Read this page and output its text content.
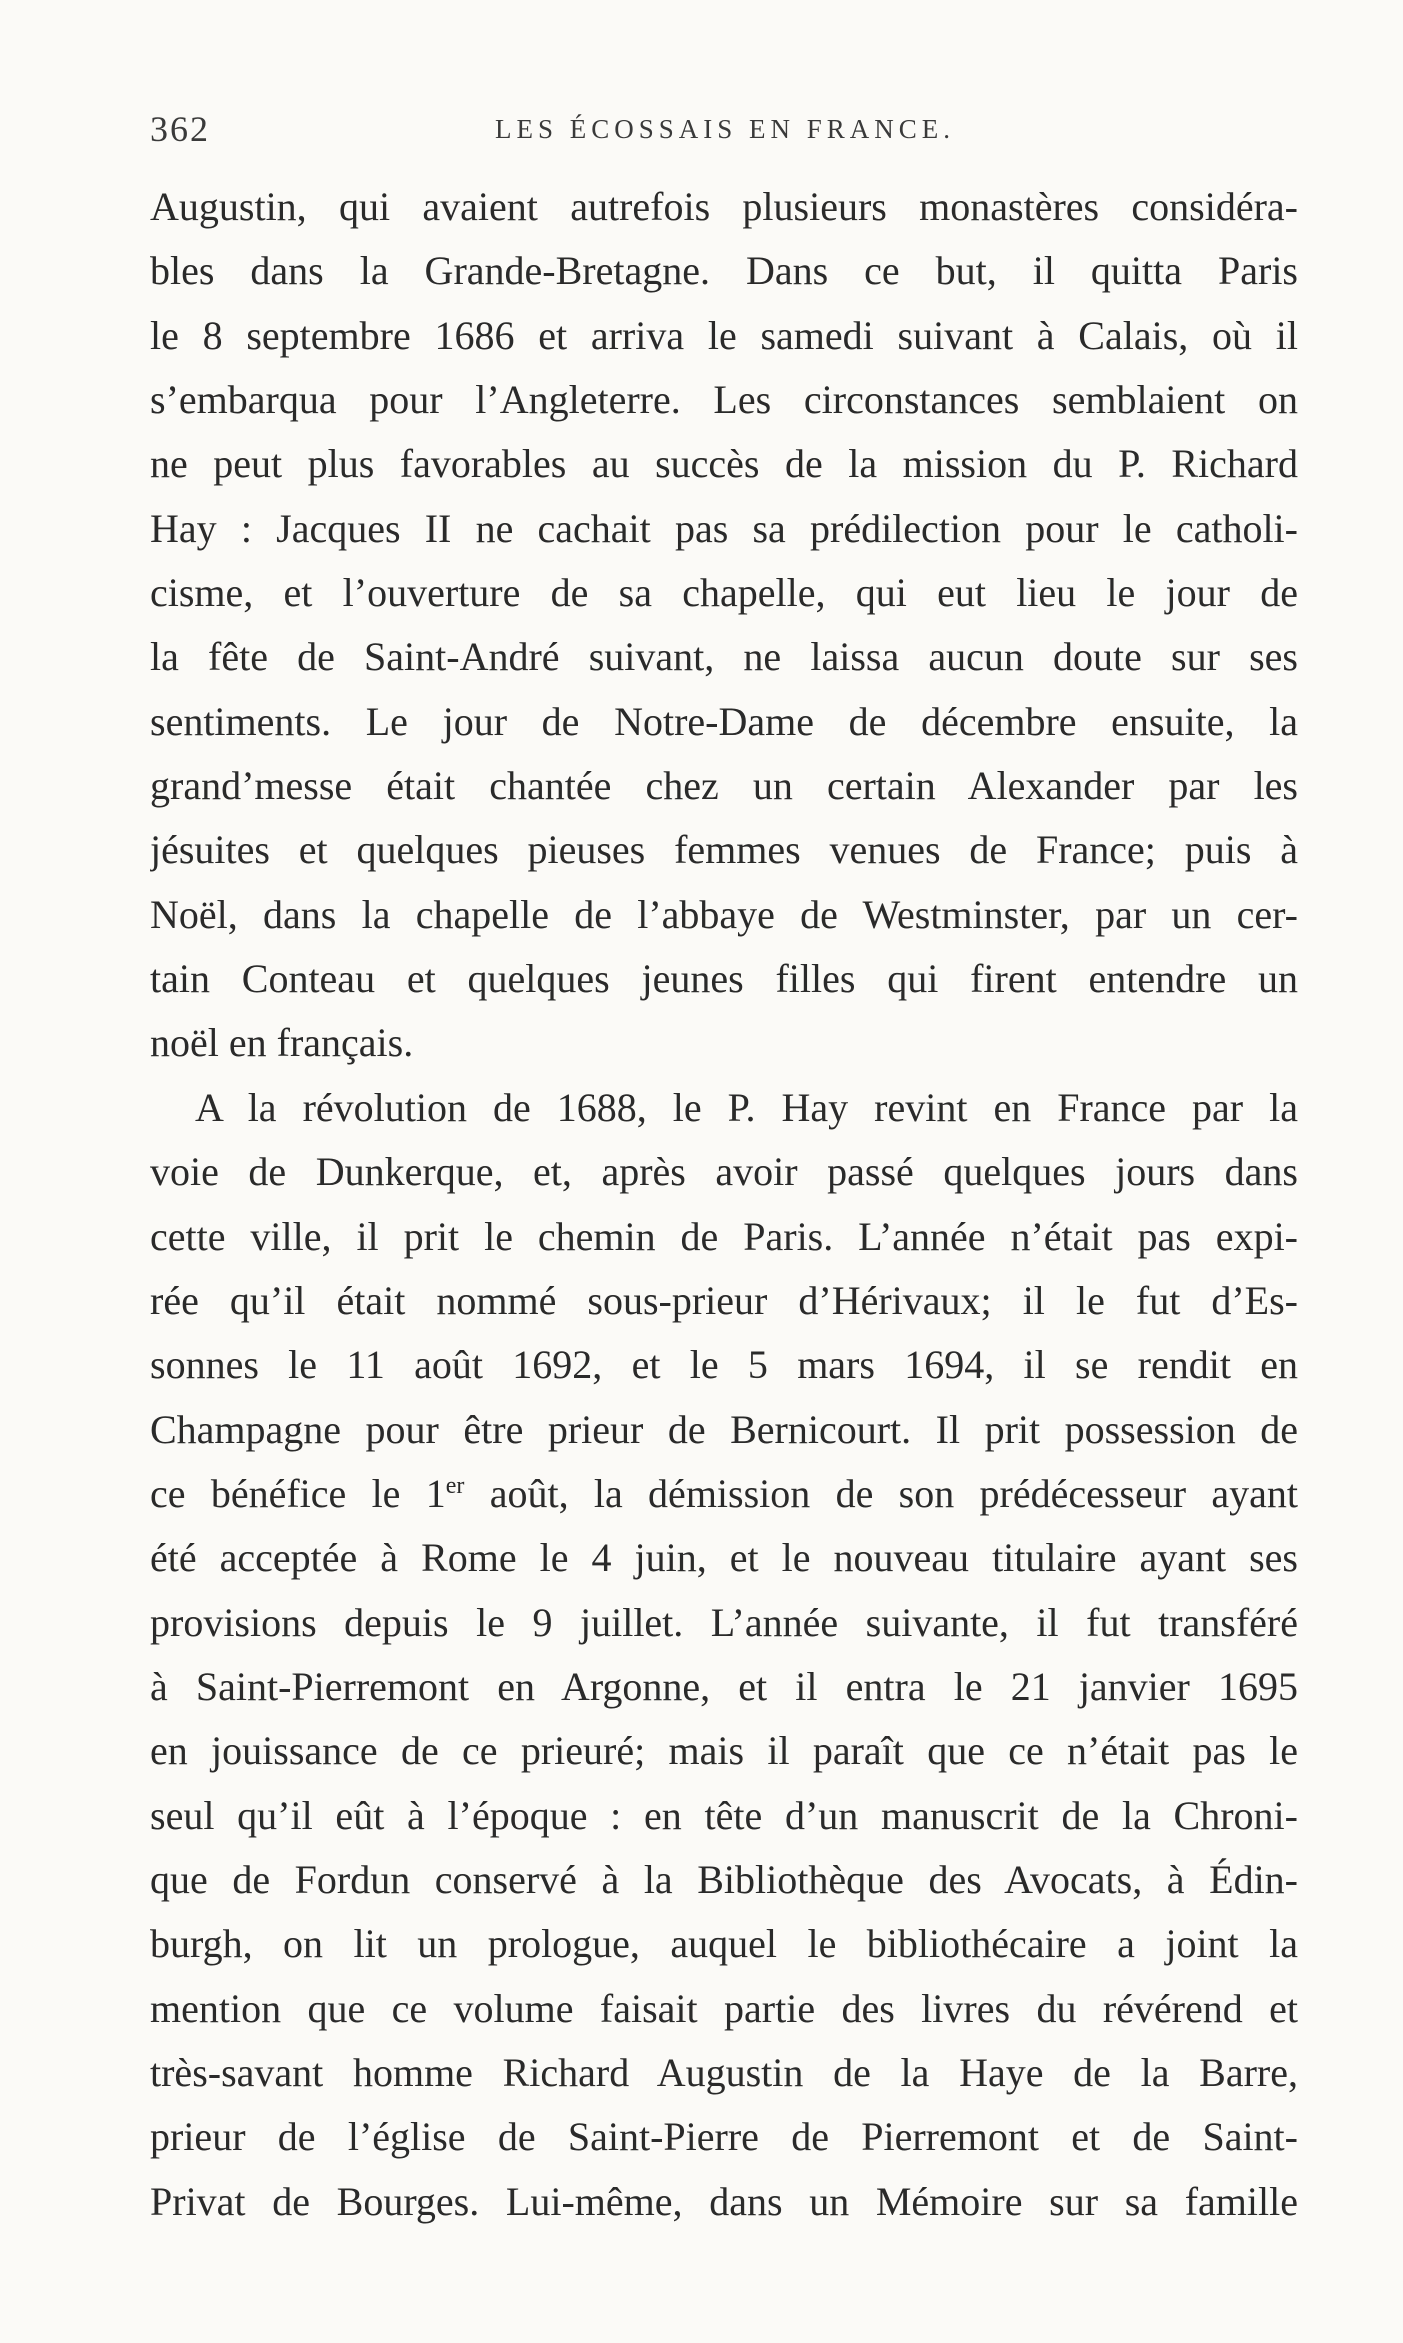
362	LES ÉCOSSAIS EN FRANCE.
Augustin, qui avaient autrefois plusieurs monastères considéra-
bles dans la Grande-Bretagne. Dans ce but, il quitta Paris
le 8 septembre 1686 et arriva le samedi suivant à Calais, où il
s’embarqua pour l’Angleterre. Les circonstances semblaient on
ne peut plus favorables au succès de la mission du P. Richard
Hay : Jacques II ne cachait pas sa prédilection pour le catholi-
cisme, et l’ouverture de sa chapelle, qui eut lieu le jour de
la fête de Saint-André suivant, ne laissa aucun doute sur ses
sentiments. Le jour de Notre-Dame de décembre ensuite, la
grand’messe était chantée chez un certain Alexander par les
jésuites et quelques pieuses femmes venues de France; puis à
Noël, dans la chapelle de l’abbaye de Westminster, par un cer-
tain Conteau et quelques jeunes filles qui firent entendre un
noël en français.
A la révolution de 1688, le P. Hay revint en France par la
voie de Dunkerque, et, après avoir passé quelques jours dans
cette ville, il prit le chemin de Paris. L’année n’était pas expi-
rée qu’il était nommé sous-prieur d’Hérivaux; il le fut d’Es-
sonnes le 11 août 1692, et le 5 mars 1694, il se rendit en
Champagne pour être prieur de Bernicourt. Il prit possession de
ce bénéfice le 1er août, la démission de son prédécesseur ayant
été acceptée à Rome le 4 juin, et le nouveau titulaire ayant ses
provisions depuis le 9 juillet. L’année suivante, il fut transféré
à Saint-Pierremont en Argonne, et il entra le 21 janvier 1695
en jouissance de ce prieuré; mais il paraît que ce n’était pas le
seul qu’il eût à l’époque : en tête d’un manuscrit de la Chroni-
que de Fordun conservé à la Bibliothèque des Avocats, à Édin-
burgh, on lit un prologue, auquel le bibliothécaire a joint la
mention que ce volume faisait partie des livres du révérend et
très-savant homme Richard Augustin de la Haye de la Barre,
prieur de l’église de Saint-Pierre de Pierremont et de Saint-
Privat de Bourges. Lui-même, dans un Mémoire sur sa famille
